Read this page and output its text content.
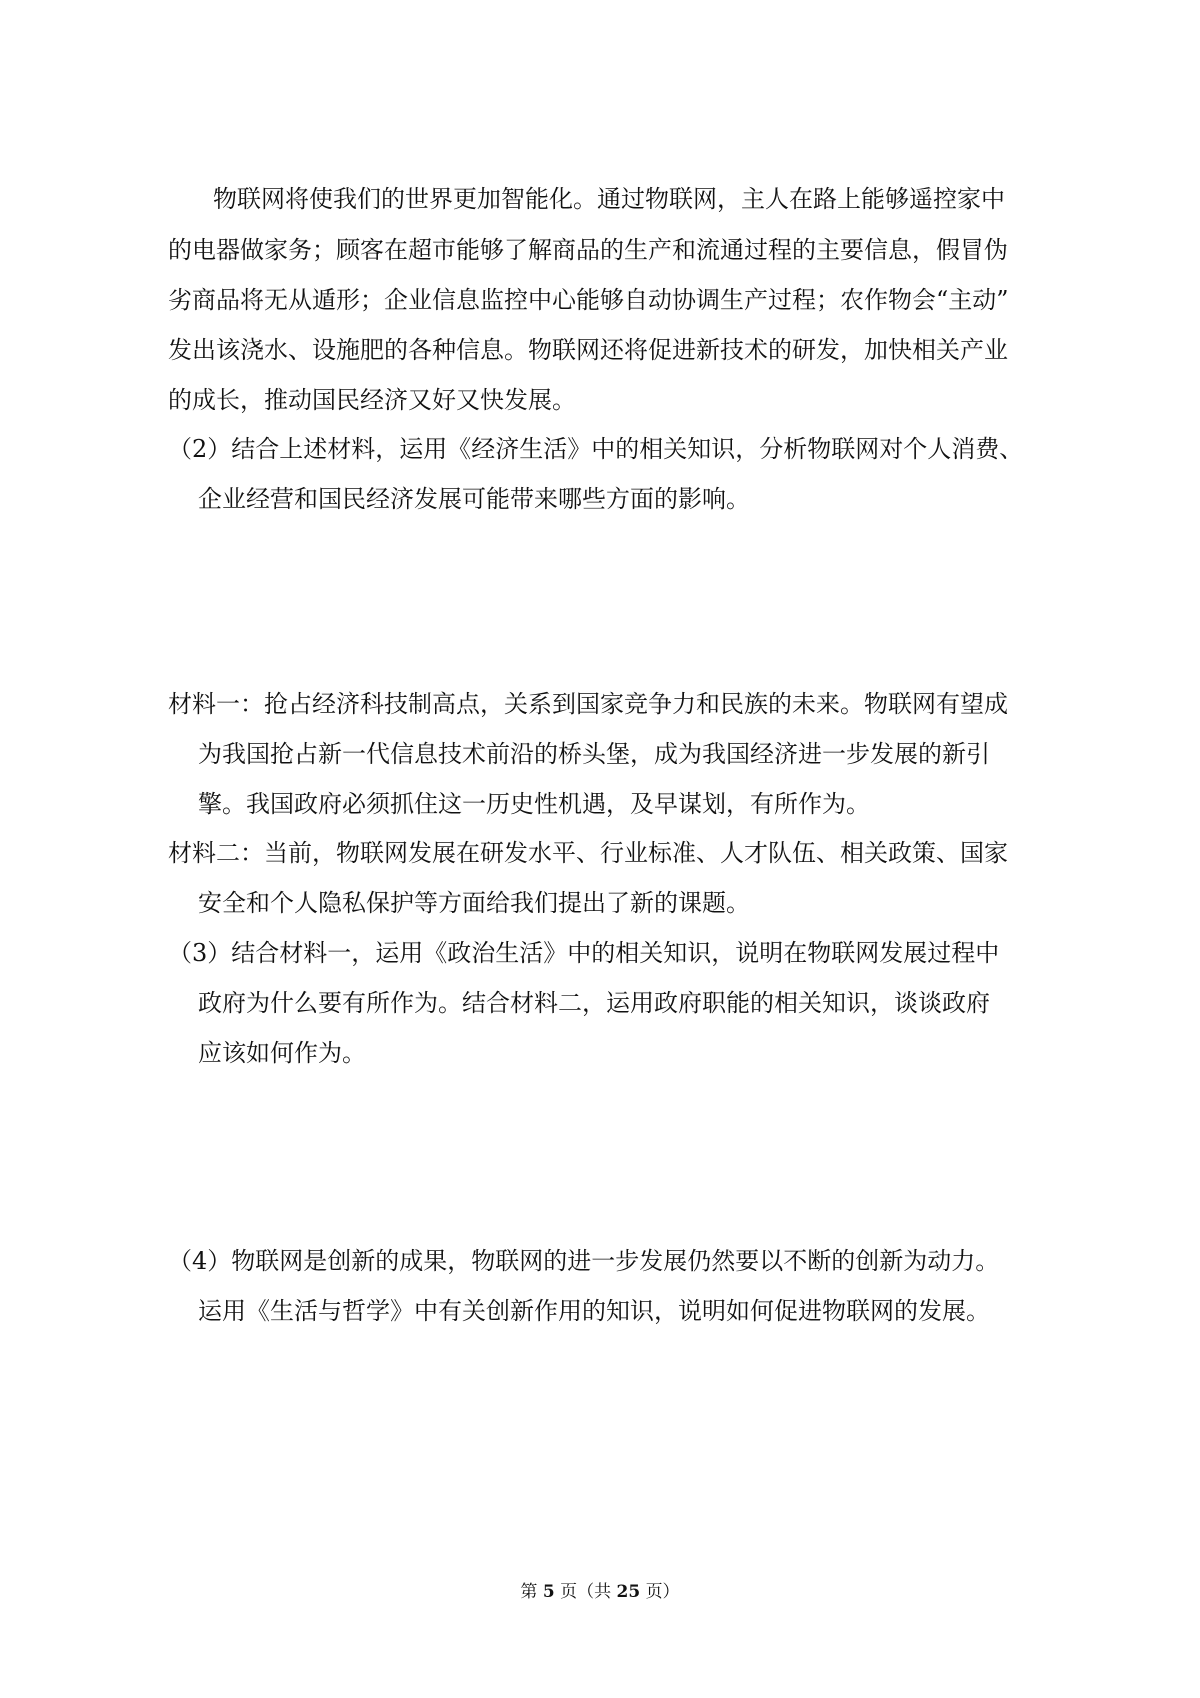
物联网将使我们的世界更加智能化。通过物联网，主人在路上能够遥控家中
的电器做家务；顾客在超市能够了解商品的生产和流通过程的主要信息，假冒伪
劣商品将无从遁形；企业信息监控中心能够自动协调生产过程；农作物会“主动”
发出该浇水、设施肥的各种信息。物联网还将促进新技术的研发，加快相关产业
的成长，推动国民经济又好又快发展。
（2）结合上述材料，运用《经济生活》中的相关知识，分析物联网对个人消费、
企业经营和国民经济发展可能带来哪些方面的影响。
材料一：抢占经济科技制高点，关系到国家竞争力和民族的未来。物联网有望成
为我国抢占新一代信息技术前沿的桥头堡，成为我国经济进一步发展的新引
擎。我国政府必须抓住这一历史性机遇，及早谋划，有所作为。
材料二：当前，物联网发展在研发水平、行业标准、人才队伍、相关政策、国家
安全和个人隐私保护等方面给我们提出了新的课题。
（3）结合材料一，运用《政治生活》中的相关知识，说明在物联网发展过程中
政府为什么要有所作为。结合材料二，运用政府职能的相关知识，谈谈政府
应该如何作为。
（4）物联网是创新的成果，物联网的进一步发展仍然要以不断的创新为动力。
运用《生活与哲学》中有关创新作用的知识，说明如何促进物联网的发展。
第 5 页（共 25 页）
